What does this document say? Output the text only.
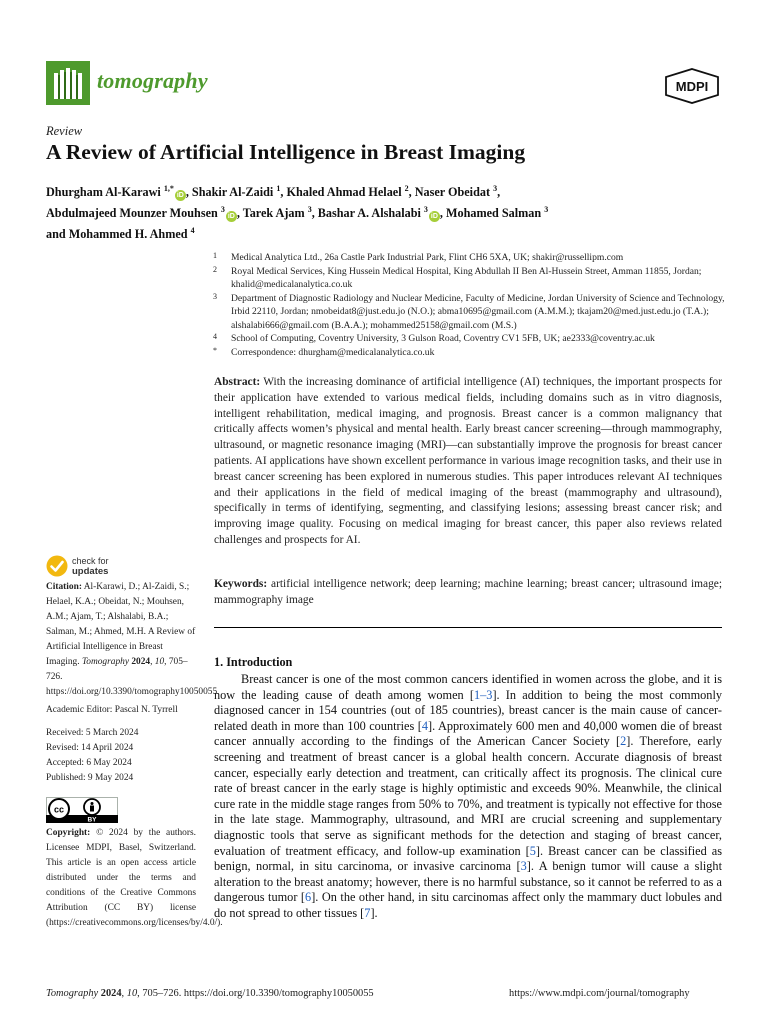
tomography	MDPI
Review
A Review of Artificial Intelligence in Breast Imaging
Dhurgham Al-Karawi $^{1,*}$iD , Shakir Al-Zaidi $^1$, Khaled Ahmad Helael $^2$, Naser Obeidat $^3$,
Abdulmajeed Mounzer Mouhsen $^3$iD , Tarek Ajam $^3$, Bashar A. Alshalabi $^3$iD , Mohamed Salman $^3$
and Mohammed H. Ahmed $^4$
1 Medical Analytica Ltd., 26a Castle Park Industrial Park, Flint CH6 5XA, UK; shakir@russellipm.com
2 Royal Medical Services, King Hussein Medical Hospital, King Abdullah II Ben Al-Hussein Street, Amman 11855, Jordan; khalid@medicalanalytica.co.uk
3 Department of Diagnostic Radiology and Nuclear Medicine, Faculty of Medicine, Jordan University of Science and Technology, Irbid 22110, Jordan; nmobeidat8@just.edu.jo (N.O.); abma10695@gmail.com (A.M.M.); tkajam20@med.just.edu.jo (T.A.); alshalabi666@gmail.com (B.A.A.); mohammed25158@gmail.com (M.S.)
4 School of Computing, Coventry University, 3 Gulson Road, Coventry CV1 5FB, UK; ae2333@coventry.ac.uk
* Correspondence: dhurgham@medicalanalytica.co.uk
Abstract: With the increasing dominance of artificial intelligence (AI) techniques, the important prospects for their application have extended to various medical fields, including domains such as in vitro diagnosis, intelligent rehabilitation, medical imaging, and prognosis. Breast cancer is a common malignancy that critically affects women’s physical and mental health. Early breast cancer screening—through mammography, ultrasound, or magnetic resonance imaging (MRI)—can substantially improve the prognosis for breast cancer patients. AI applications have shown excellent performance in various image recognition tasks, and their use in breast cancer screening has been explored in numerous studies. This paper introduces relevant AI techniques and their applications in the field of medical imaging of the breast (mammography and ultrasound), specifically in terms of identifying, segmenting, and classifying lesions; assessing breast cancer risk; and improving image quality. Focusing on medical imaging for breast cancer, this paper also reviews related challenges and prospects for AI.
Keywords: artificial intelligence network; deep learning; machine learning; breast cancer; ultrasound image; mammography image
1. Introduction
Breast cancer is one of the most common cancers identified in women across the globe, and it is now the leading cause of death among women [1–3]. In addition to being the most commonly diagnosed cancer in 154 countries (out of 185 countries), breast cancer is the main cause of cancer-related death in more than 100 countries [4]. Approximately 600 men and 40,000 women die of breast cancer annually according to the findings of the American Cancer Society [2]. Therefore, early screening and treatment of breast cancer is a global health concern. Accurate diagnosis of breast cancer, especially early detection and treatment, can critically affect its prognosis. The clinical cure rate of breast cancer in the early stage is highly optimistic and exceeds 90%. Meanwhile, the clinical cure rate in the middle stage ranges from 50% to 70%, and treatment is typically not effective for those in the late stage. Mammography, ultrasound, and MRI are crucial screening and supplementary diagnostic tools that serve as significant methods for the detection and staging of breast cancer, evaluation of treatment efficacy, and follow-up examination [5]. Breast cancer can be classified as benign, normal, in situ carcinoma, or invasive carcinoma [3]. A benign tumor will cause a slight alteration to the breast anatomy; however, there is no harmful substance, so it cannot be referred to as a dangerous tumor [6]. On the other hand, in situ carcinomas affect only the mammary duct lobules and do not spread to other tissues [7].
check for
updates
Citation: Al-Karawi, D.; Al-Zaidi, S.; Helael, K.A.; Obeidat, N.; Mouhsen, A.M.; Ajam, T.; Alshalabi, B.A.; Salman, M.; Ahmed, M.H. A Review of Artificial Intelligence in Breast Imaging. Tomography 2024, 10, 705–726. https://doi.org/10.3390/tomography10050055
Academic Editor: Pascal N. Tyrrell
Received: 5 March 2024
Revised: 14 April 2024
Accepted: 6 May 2024
Published: 9 May 2024
cc
BY
Copyright: © 2024 by the authors. Licensee MDPI, Basel, Switzerland. This article is an open access article distributed under the terms and conditions of the Creative Commons Attribution (CC BY) license (https://creativecommons.org/licenses/by/4.0/).
Tomography 2024, 10, 705–726. https://doi.org/10.3390/tomography10050055	https://www.mdpi.com/journal/tomography
